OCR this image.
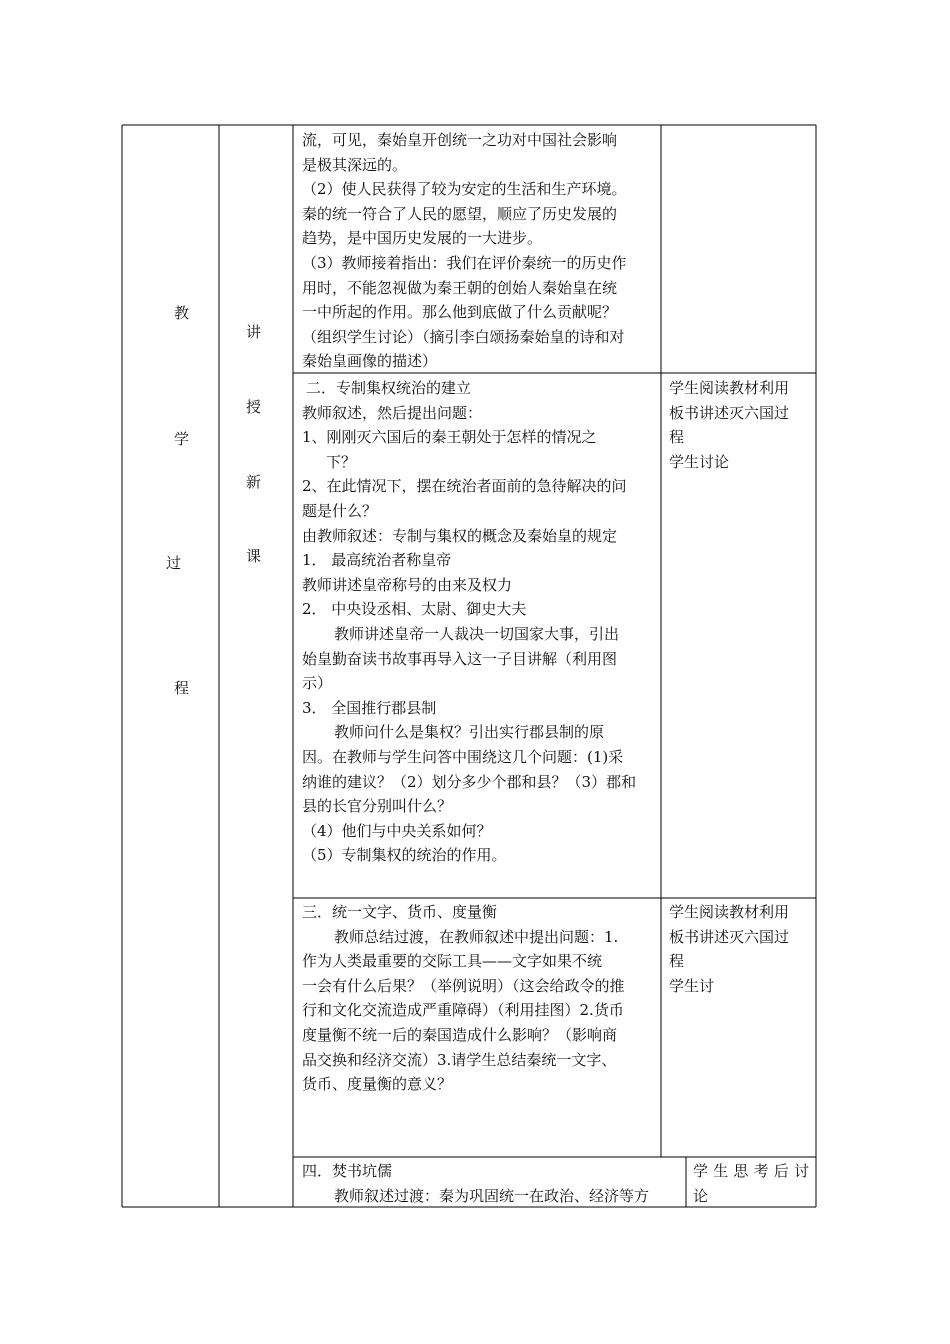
教
学
过
程
讲
授
新
课
流，可见，秦始皇开创统一之功对中国社会影响
是极其深远的。
（2）使人民获得了较为安定的生活和生产环境。
秦的统一符合了人民的愿望，顺应了历史发展的
趋势，是中国历史发展的一大进步。
（3）教师接着指出：我们在评价秦统一的历史作
用时，不能忽视做为秦王朝的创始人秦始皇在统
一中所起的作用。那么他到底做了什么贡献呢？
（组织学生讨论）（摘引李白颂扬秦始皇的诗和对
秦始皇画像的描述）
二．专制集权统治的建立
教师叙述，然后提出问题：
1、刚刚灭六国后的秦王朝处于怎样的情况之
下？
2、在此情况下，摆在统治者面前的急待解决的问
题是什么？
由教师叙述：专制与集权的概念及秦始皇的规定
1． 最高统治者称皇帝
教师讲述皇帝称号的由来及权力
2． 中央设丞相、太尉、御史大夫
教师讲述皇帝一人裁决一切国家大事，引出
始皇勤奋读书故事再导入这一子目讲解（利用图
示）
3． 全国推行郡县制
教师问什么是集权？引出实行郡县制的原
因。在教师与学生问答中围绕这几个问题：(1)采
纳谁的建议？（2）划分多少个郡和县？（3）郡和
县的长官分别叫什么？
（4）他们与中央关系如何？
（5）专制集权的统治的作用。
学生阅读教材利用
板书讲述灭六国过
程
学生讨论
三．统一文字、货币、度量衡
教师总结过渡，在教师叙述中提出问题：1.
作为人类最重要的交际工具——文字如果不统
一会有什么后果？（举例说明）（这会给政令的推
行和文化交流造成严重障碍）（利用挂图）2.货币
度量衡不统一后的秦国造成什么影响？（影响商
品交换和经济交流）3.请学生总结秦统一文字、
货币、度量衡的意义？
学生阅读教材利用
板书讲述灭六国过
程
学生讨
四．焚书坑儒
教师叙述过渡：秦为巩固统一在政治、经济等方
学生思考后讨
论
